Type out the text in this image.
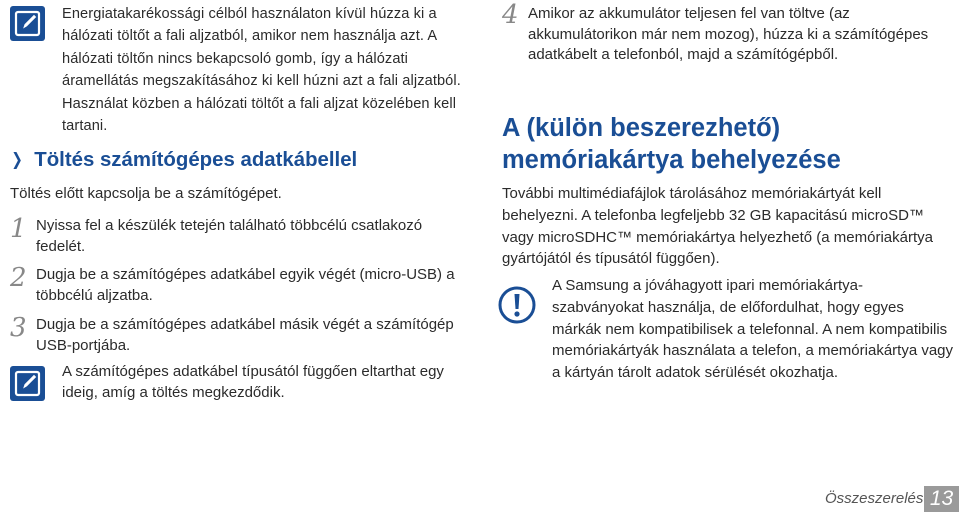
Energiatakarékossági célból használaton kívül húzza ki a hálózati töltőt a fali aljzatból, amikor nem használja azt. A hálózati töltőn nincs bekapcsoló gomb, így a hálózati áramellátás megszakításához ki kell húzni azt a fali aljzatból. Használat közben a hálózati töltőt a fali aljzat közelében kell tartani.
❯ Töltés számítógépes adatkábellel
Töltés előtt kapcsolja be a számítógépet.
1 Nyissa fel a készülék tetején található többcélú csatlakozó fedelét.
2 Dugja be a számítógépes adatkábel egyik végét (micro-USB) a többcélú aljzatba.
3 Dugja be a számítógépes adatkábel másik végét a számítógép USB-portjába.
A számítógépes adatkábel típusától függően eltarthat egy ideig, amíg a töltés megkezdődik.
4 Amikor az akkumulátor teljesen fel van töltve (az akkumulátorikon már nem mozog), húzza ki a számítógépes adatkábelt a telefonból, majd a számítógépből.
A (külön beszerezhető) memóriakártya behelyezése
További multimédiafájlok tárolásához memóriakártyát kell behelyezni. A telefonba legfeljebb 32 GB kapacitású microSD™ vagy microSDHC™ memóriakártya helyezhető (a memóriakártya gyártójától és típusától függően).
A Samsung a jóváhagyott ipari memóriakártya-szabványokat használja, de előfordulhat, hogy egyes márkák nem kompatibilisek a telefonnal. A nem kompatibilis memóriakártyák használata a telefon, a memóriakártya vagy a kártyán tárolt adatok sérülését okozhatja.
Összeszerelés 13
